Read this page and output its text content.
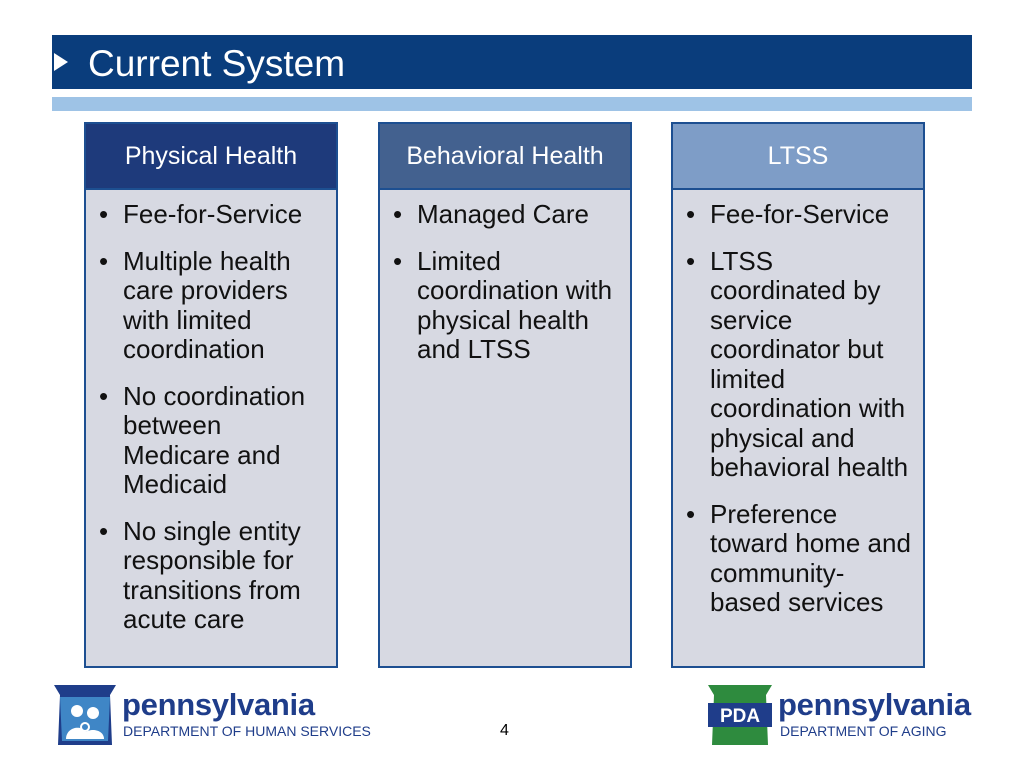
Current System
Physical Health
• Fee-for-Service
• Multiple health care providers with limited coordination
• No coordination between Medicare and Medicaid
• No single entity responsible for transitions from acute care
Behavioral Health
• Managed Care
• Limited coordination with physical health and LTSS
LTSS
• Fee-for-Service
• LTSS coordinated by service coordinator but limited coordination with physical and behavioral health
• Preference toward home and community-based services
pennsylvania
DEPARTMENT OF HUMAN SERVICES	4
PDA pennsylvania
DEPARTMENT OF AGING
